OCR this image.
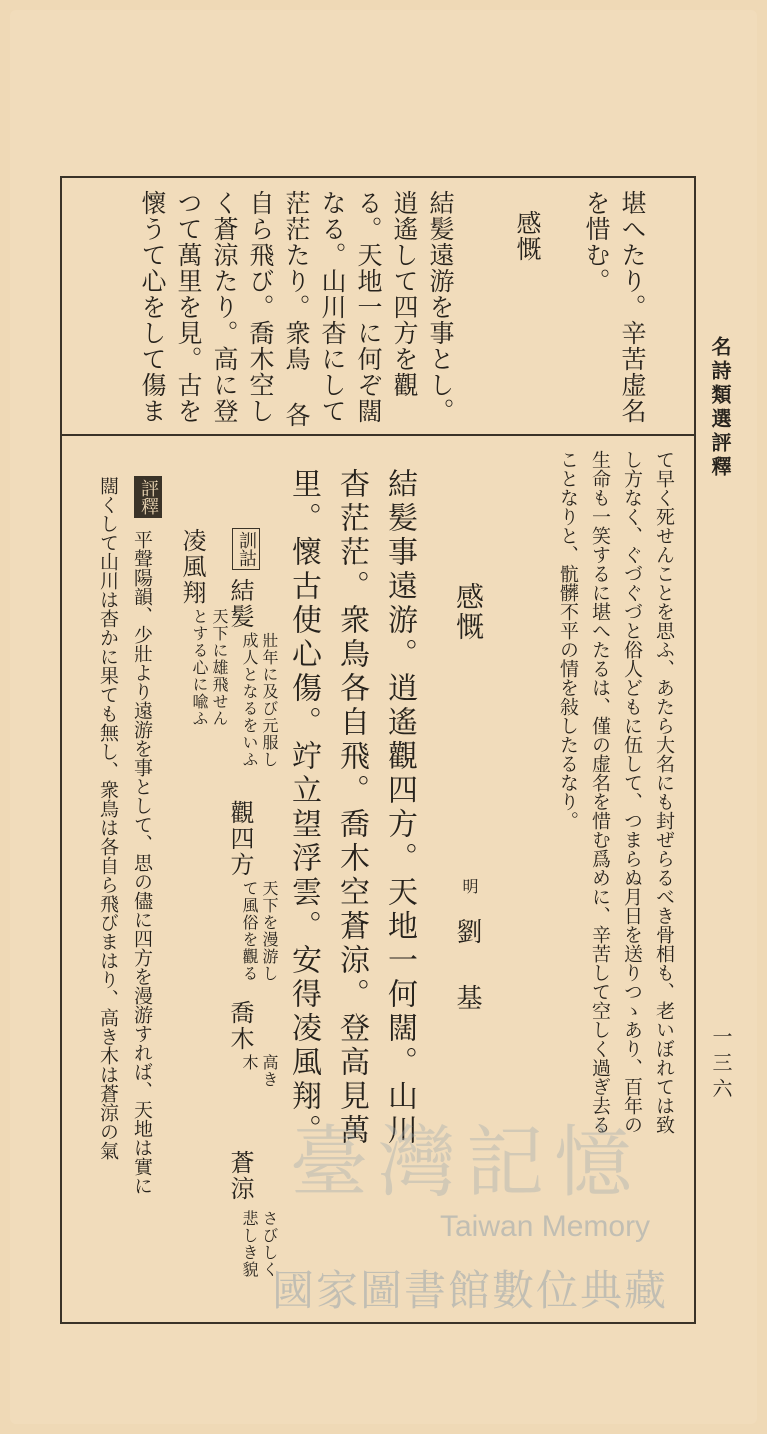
名詩類選評釋
一三六
堪へたり。辛苦虚名
を惜む。
感慨
結髪遠游を事とし。
逍遙して四方を觀
る。天地一に何ぞ闊
なる。山川杳にして
茫茫たり。衆鳥 各
自ら飛び。喬木空し
く蒼涼たり。高に登
つて萬里を見。古を
懷うて心をして傷ま
て早く死せんことを思ふ、あたら大名にも封ぜらるべき骨相も、老いぼれては致
し方なく、ぐづぐづと俗人どもに伍して、つまらぬ月日を送りつゝあり、百年の
生命も一笑するに堪へたるは、僅の虚名を惜む爲めに、辛苦して空しく過ぎ去る
ことなりと、骯髒不平の情を敍したるなり。
感慨
明
劉基
結髪事遠游。逍遙觀四方。天地一何闊。山川
杳茫茫。衆鳥各自飛。喬木空蒼涼。登高見萬
里。懷古使心傷。竚立望浮雲。安得凌風翔。
訓詁
結髪
壯年に及び元服し
成人となるをいふ
觀四方
天下を漫游し
て風俗を觀る
喬木
高き
木
蒼涼
さびしく
悲しき貌
凌風翔
天下に雄飛せん
とする心に喩ふ
評釋
平聲陽韻、少壯より遠游を事として、思の儘に四方を漫游すれば、天地は實に
闊くして山川は杳かに果ても無し、衆鳥は各自ら飛びまはり、高き木は蒼涼の氣
臺灣記憶
Taiwan Memory
國家圖書館數位典藏
